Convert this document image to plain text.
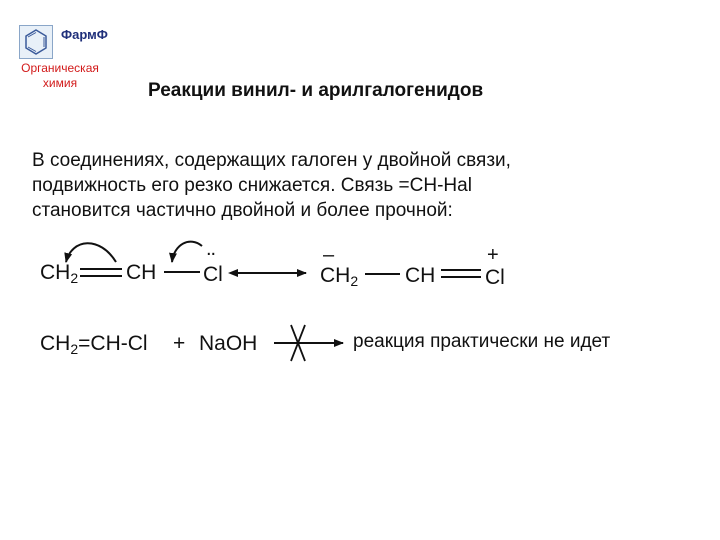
ФармФ
Органическая
химия	Реакции винил- и арилгалогенидов
В соединениях, содержащих галоген у двойной связи,
подвижность его резко снижается. Связь =СН-Наl
становится частично двойной и более прочной:
$CH_2$ CH Cl
..	–
$CH_2$ CH
+
Cl
$CH_2=CH-Cl$ + NaOH	реакция практически не идет
